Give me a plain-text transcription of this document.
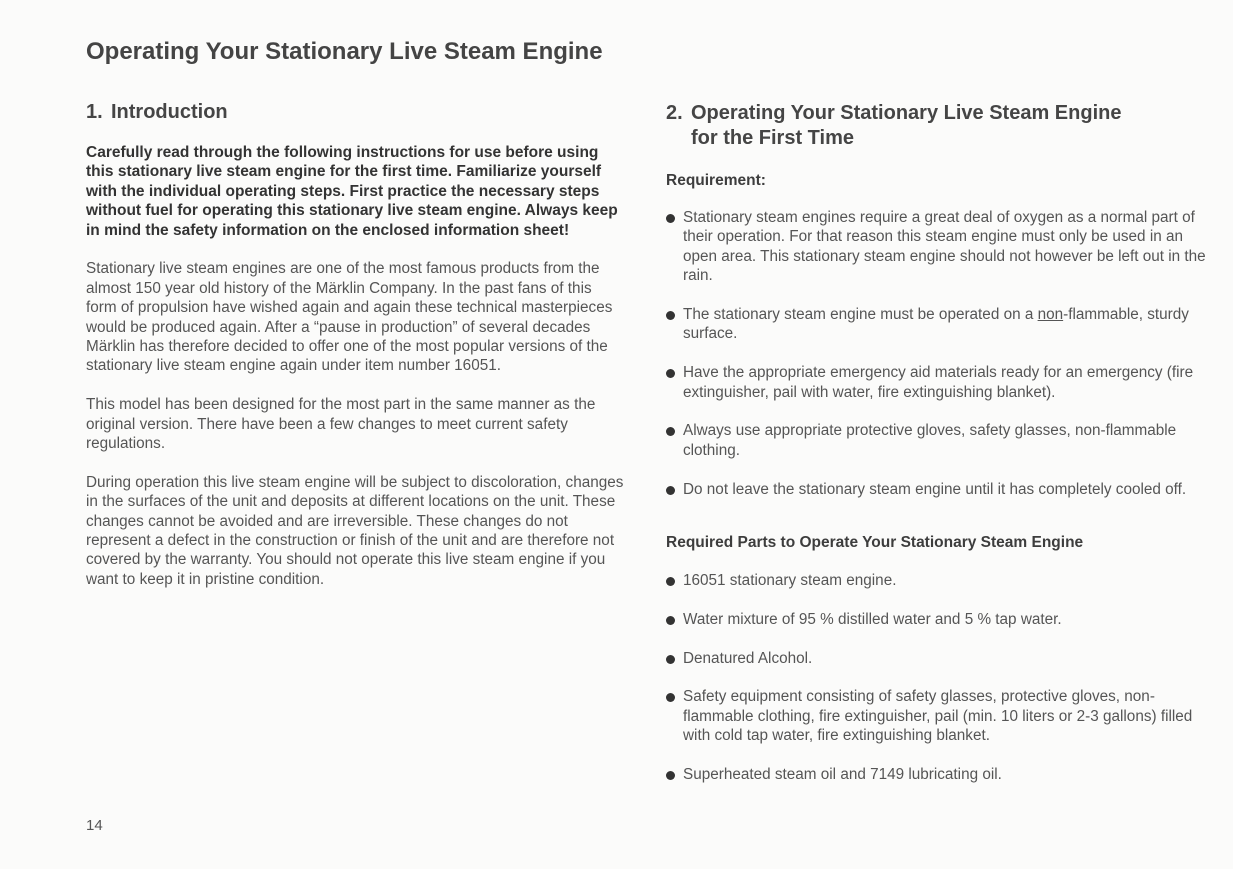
Operating Your Stationary Live Steam Engine
1. Introduction

Carefully read through the following instructions for use before using this stationary live steam engine for the first time. Familiarize yourself with the individual operating steps. First practice the necessary steps without fuel for operating this stationary live steam engine. Always keep in mind the safety information on the enclosed information sheet!

Stationary live steam engines are one of the most famous products from the almost 150 year old history of the Märklin Company. In the past fans of this form of propulsion have wished again and again these technical masterpieces would be produced again. After a “pause in production” of several decades Märklin has therefore decided to offer one of the most popular versions of the stationary live steam engine again under item number 16051.

This model has been designed for the most part in the same manner as the original version. There have been a few changes to meet current safety regulations.

During operation this live steam engine will be subject to discoloration, changes in the surfaces of the unit and deposits at different locations on the unit. These changes cannot be avoided and are irreversible. These changes do not represent a defect in the construction or finish of the unit and are therefore not covered by the warranty. You should not operate this live steam engine if you want to keep it in pristine condition.

2. Operating Your Stationary Live Steam Engine
for the First Time
Requirement:
Stationary steam engines require a great deal of oxygen as a normal part of their operation. For that reason this steam engine must only be used in an open area. This stationary steam engine should not however be left out in the rain.
The stationary steam engine must be operated on a non-flammable, sturdy surface.
Have the appropriate emergency aid materials ready for an emergency (fire extinguisher, pail with water, fire extinguishing blanket).
Always use appropriate protective gloves, safety glasses, non-flammable clothing.
Do not leave the stationary steam engine until it has completely cooled off.
Required Parts to Operate Your Stationary Steam Engine
16051 stationary steam engine.
Water mixture of 95 % distilled water and 5 % tap water.
Denatured Alcohol.
Safety equipment consisting of safety glasses, protective gloves, non-flammable clothing, fire extinguisher, pail (min. 10 liters or 2-3 gallons) filled with cold tap water, fire extinguishing blanket.
Superheated steam oil and 7149 lubricating oil.
14
